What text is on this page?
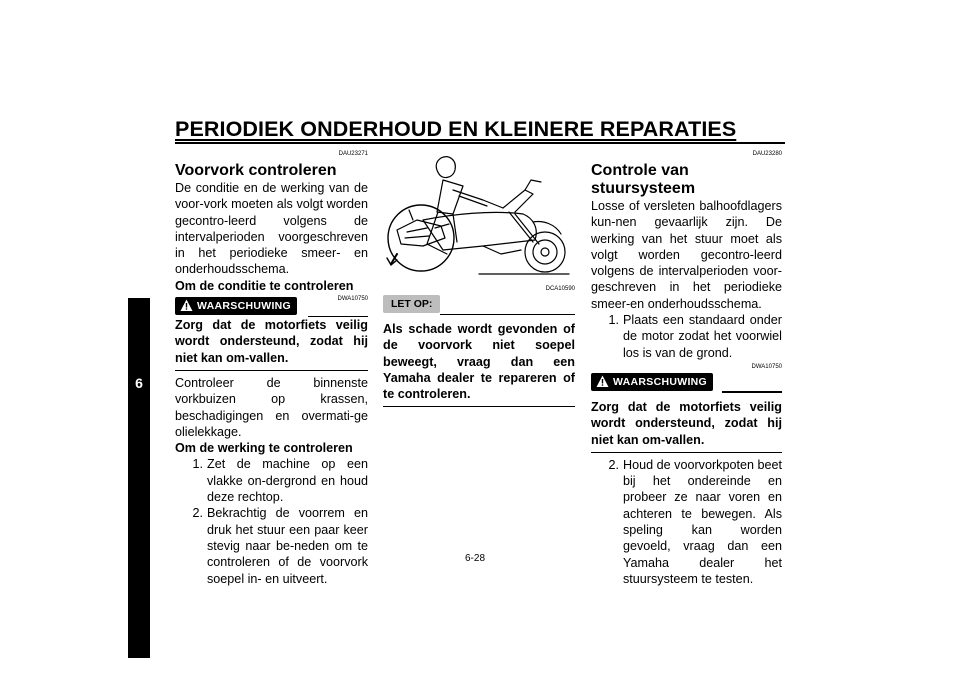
PERIODIEK ONDERHOUD EN KLEINERE REPARATIES
6
DAU23271
Voorvork controleren
De conditie en de werking van de voor-vork moeten als volgt worden gecontro-leerd volgens de intervalperioden voorgeschreven in het periodieke smeer- en onderhoudsschema.
Om de conditie te controleren
WAARSCHUWING
DWA10750
Zorg dat de motorfiets veilig wordt ondersteund, zodat hij niet kan om-vallen.
Controleer de binnenste vorkbuizen op krassen, beschadigingen en overmati-ge olielekkage.
Om de werking te controleren
1. Zet de machine op een vlakke on-dergrond en houd deze rechtop.
2. Bekrachtig de voorrem en druk het stuur een paar keer stevig naar be-neden om te controleren of de voorvork soepel in- en uitveert.
DCA10590
LET OP:
Als schade wordt gevonden of de voorvork niet soepel beweegt, vraag dan een Yamaha dealer te repareren of te controleren.
DAU23280
Controle van stuursysteem
Losse of versleten balhoofdlagers kun-nen gevaarlijk zijn. De werking van het stuur moet als volgt worden gecontro-leerd volgens de intervalperioden voor-geschreven in het periodieke smeer-en onderhoudsschema.
1. Plaats een standaard onder de motor zodat het voorwiel los is van de grond.
DWA10750
WAARSCHUWING
Zorg dat de motorfiets veilig wordt ondersteund, zodat hij niet kan om-vallen.
2. Houd de voorvorkpoten beet bij het ondereinde en probeer ze naar voren en achteren te bewegen. Als speling kan worden gevoeld, vraag dan een Yamaha dealer het stuursysteem te testen.
6-28
